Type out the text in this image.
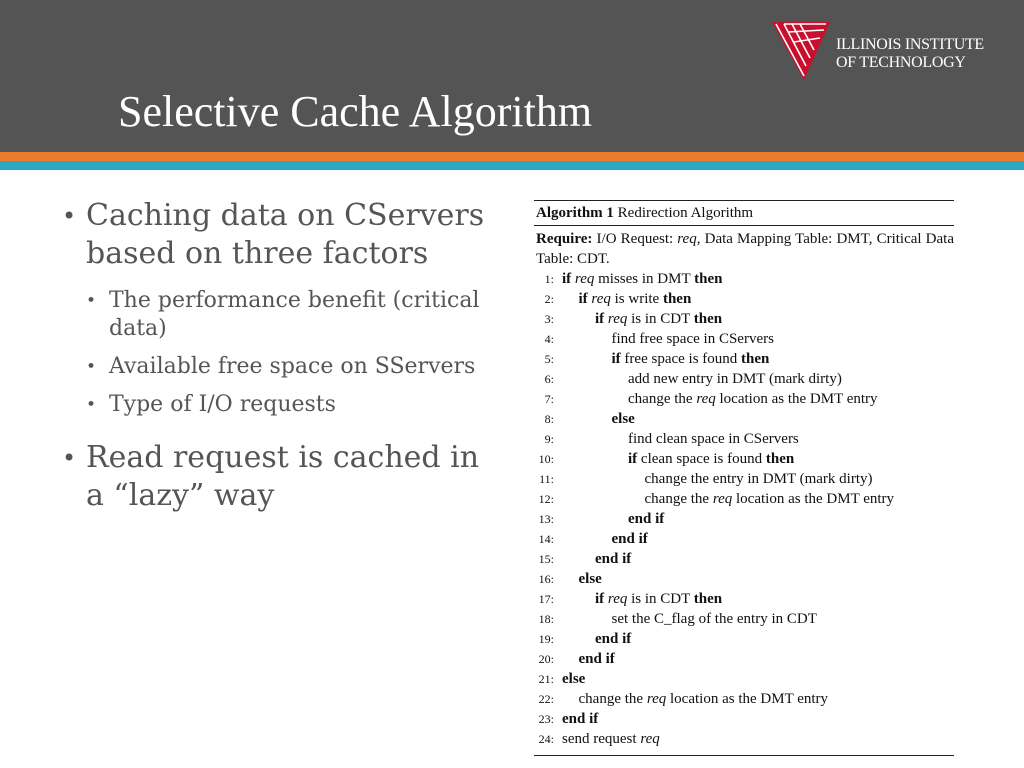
Selective Cache Algorithm
ILLINOIS INSTITUTE
OF TECHNOLOGY
• Caching data on CServers based on three factors
• The performance benefit (critical data)
• Available free space on SServers
• Type of I/O requests
• Read request is cached in a “lazy” way
Algorithm 1 Redirection Algorithm
Require: I/O Request: req, Data Mapping Table: DMT, Critical Data Table: CDT.
1: if req misses in DMT then
2: if req is write then
3:	if req is in CDT then
4:	find free space in CServers
5:	if free space is found then
6:	add new entry in DMT (mark dirty)
7:	change the req location as the DMT entry
8:	else
9:	find clean space in CServers
10:	if clean space is found then
11:	change the entry in DMT (mark dirty)
12:	change the req location as the DMT entry
13:	end if
14:	end if
15:	end if
16: else
17:	if req is in CDT then
18:	set the C_flag of the entry in CDT
19:	end if
20: end if
21: else
22: change the req location as the DMT entry
23: end if
24: send request req
